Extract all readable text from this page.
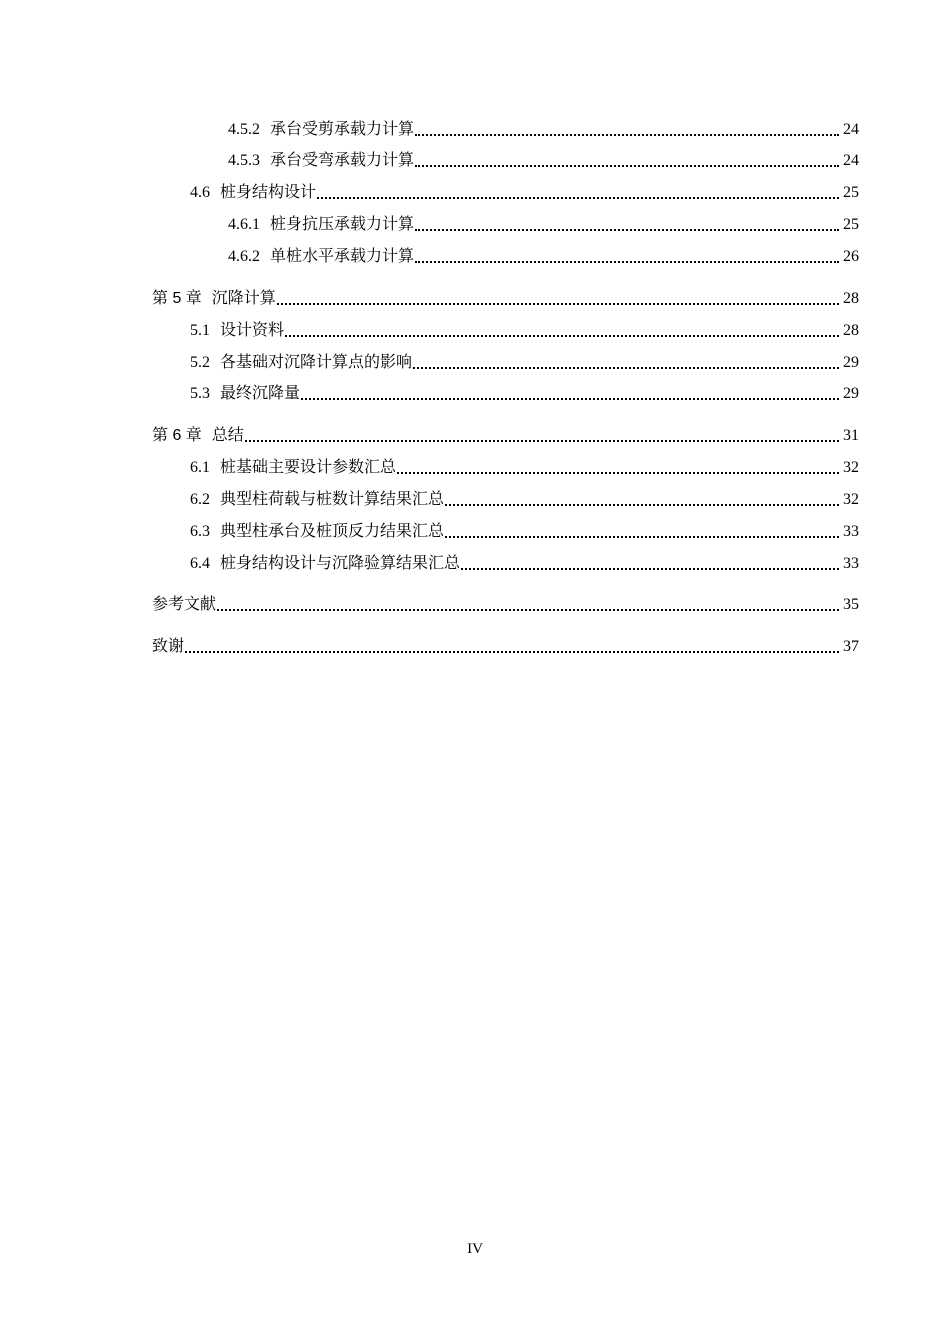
4.5.2 承台受剪承载力计算	24
4.5.3 承台受弯承载力计算	24
4.6 桩身结构设计	25
4.6.1 桩身抗压承载力计算	25
4.6.2 单桩水平承载力计算	26
第 5 章 沉降计算	28
5.1 设计资料	28
5.2 各基础对沉降计算点的影响	29
5.3 最终沉降量	29
第 6 章 总结	31
6.1 桩基础主要设计参数汇总	32
6.2 典型柱荷载与桩数计算结果汇总	32
6.3 典型柱承台及桩顶反力结果汇总	33
6.4 桩身结构设计与沉降验算结果汇总	33
参考文献	35
致谢	37
IV
